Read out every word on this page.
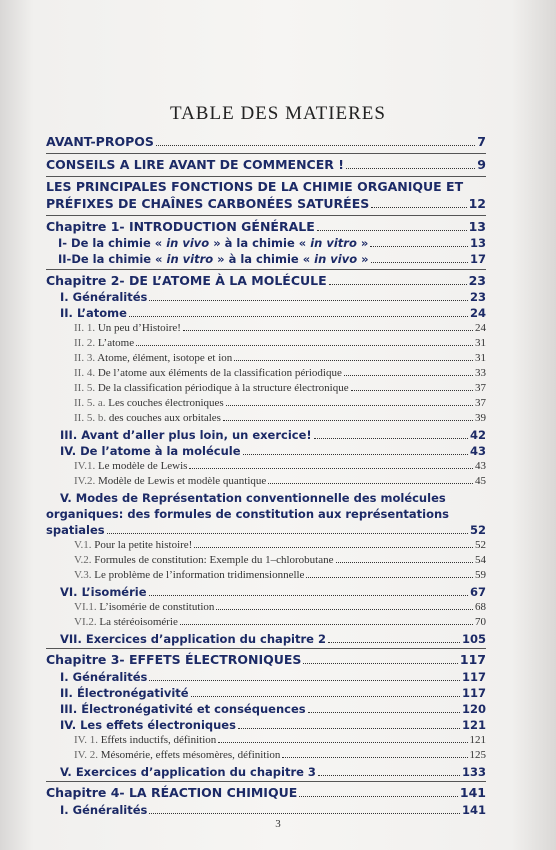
TABLE DES MATIERES
AVANT-PROPOS	7
CONSEILS A LIRE AVANT DE COMMENCER !	9
LES PRINCIPALES FONCTIONS DE LA CHIMIE ORGANIQUE ET
PRÉFIXES DE CHAÎNES CARBONÉES SATURÉES	12
Chapitre 1- INTRODUCTION GÉNÉRALE	13
I- De la chimie « in vivo » à la chimie « in vitro »	13
II-De la chimie « in vitro » à la chimie « in vivo »	17
Chapitre 2- DE L’ATOME À LA MOLÉCULE	23
I. Généralités	23
II. L’atome	24
II. 1. Un peu d’Histoire!	24
II. 2. L’atome	31
II. 3. Atome, élément, isotope et ion	31
II. 4. De l’atome aux éléments de la classification périodique	33
II. 5. De la classification périodique à la structure électronique	37
II. 5. a. Les couches électroniques	37
II. 5. b. des couches aux orbitales	39
III. Avant d’aller plus loin, un exercice!	42
IV. De l’atome à la molécule	43
IV.1. Le modèle de Lewis	43
IV.2. Modèle de Lewis et modèle quantique	45
V. Modes de Représentation conventionnelle des molécules
organiques: des formules de constitution aux représentations
spatiales	52
V.1. Pour la petite histoire!	52
V.2. Formules de constitution: Exemple du 1–chlorobutane	54
V.3. Le problème de l’information tridimensionnelle	59
VI. L’isomérie	67
VI.1. L’isomérie de constitution	68
VI.2. La stéréoisomérie	70
VII. Exercices d’application du chapitre 2	105
Chapitre 3- EFFETS ÉLECTRONIQUES	117
I. Généralités	117
II. Électronégativité	117
III. Électronégativité et conséquences	120
IV. Les effets électroniques	121
IV. 1. Effets inductifs, définition	121
IV. 2. Mésomérie, effets mésomères, définition	125
V. Exercices d’application du chapitre 3	133
Chapitre 4- LA RÉACTION CHIMIQUE	141
I. Généralités	141
3
